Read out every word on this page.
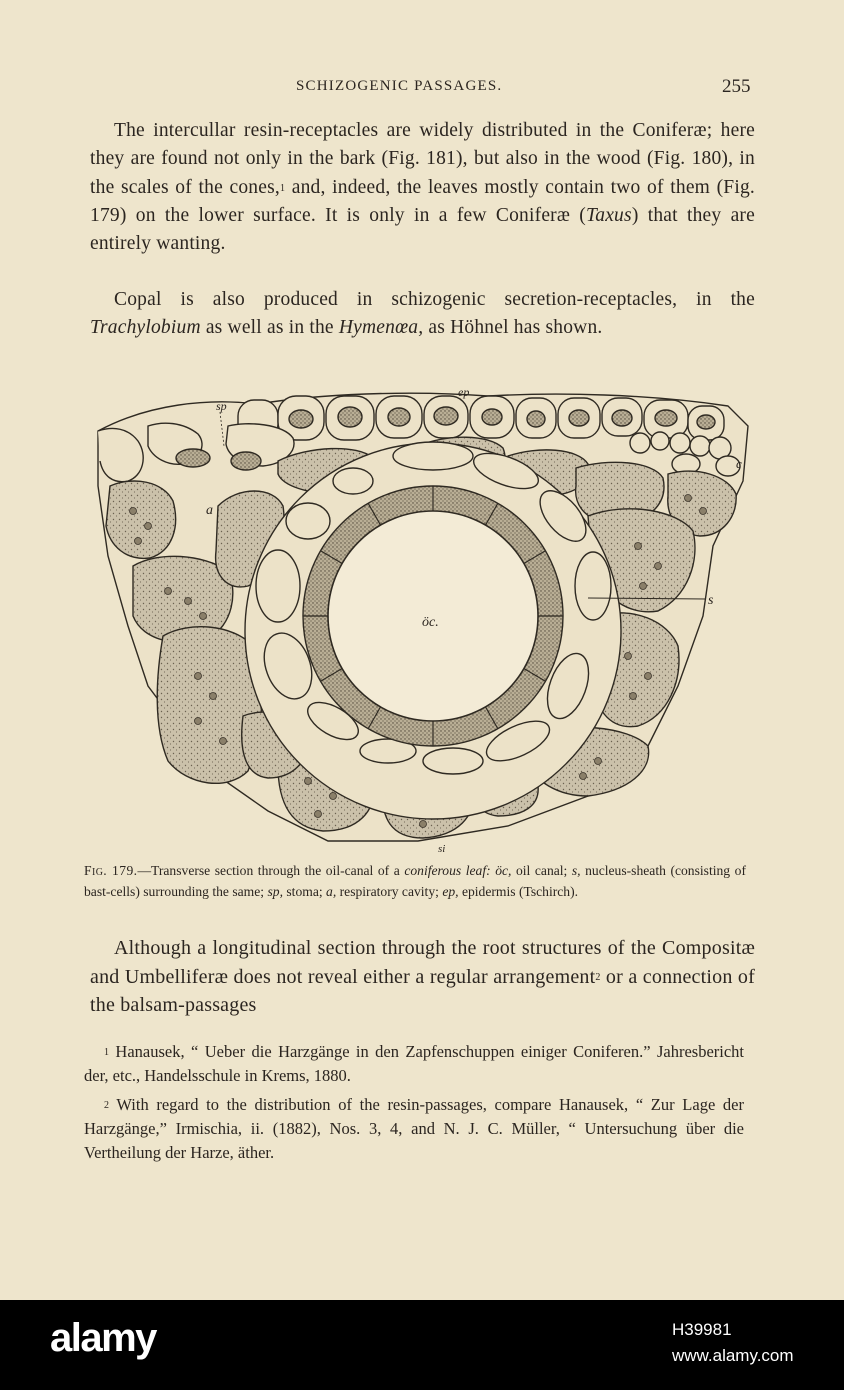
SCHIZOGENIC PASSAGES.	255
The intercullar resin-receptacles are widely distributed in the Coniferæ; here they are found not only in the bark (Fig. 181), but also in the wood (Fig. 180), in the scales of the cones,$^1$ and, indeed, the leaves mostly contain two of them (Fig. 179) on the lower surface. It is only in a few Coniferæ (Taxus) that they are entirely wanting.
Copal is also produced in schizogenic secretion-receptacles, in the Trachylobium as well as in the Hymenœa, as Höhnel has shown.
sp
ep
a
öc.
s
c
si
Fig. 179.—Transverse section through the oil-canal of a coniferous leaf: öc, oil canal; s, nucleus-sheath (consisting of bast-cells) surrounding the same; sp, stoma; a, respiratory cavity; ep, epidermis (Tschirch).
Although a longitudinal section through the root structures of the Compositæ and Umbelliferæ does not reveal either a regular arrangement$^2$ or a connection of the balsam-passages

$^1$ Hanausek, “ Ueber die Harzgänge in den Zapfenschuppen einiger Coniferen.” Jahresbericht der, etc., Handelsschule in Krems, 1880.

$^2$ With regard to the distribution of the resin-passages, compare Hanausek, “ Zur Lage der Harzgänge,” Irmischia, ii. (1882), Nos. 3, 4, and N. J. C. Müller, “ Untersuchung über die Vertheilung der Harze, äther.

alamy	H39981
www.alamy.com
